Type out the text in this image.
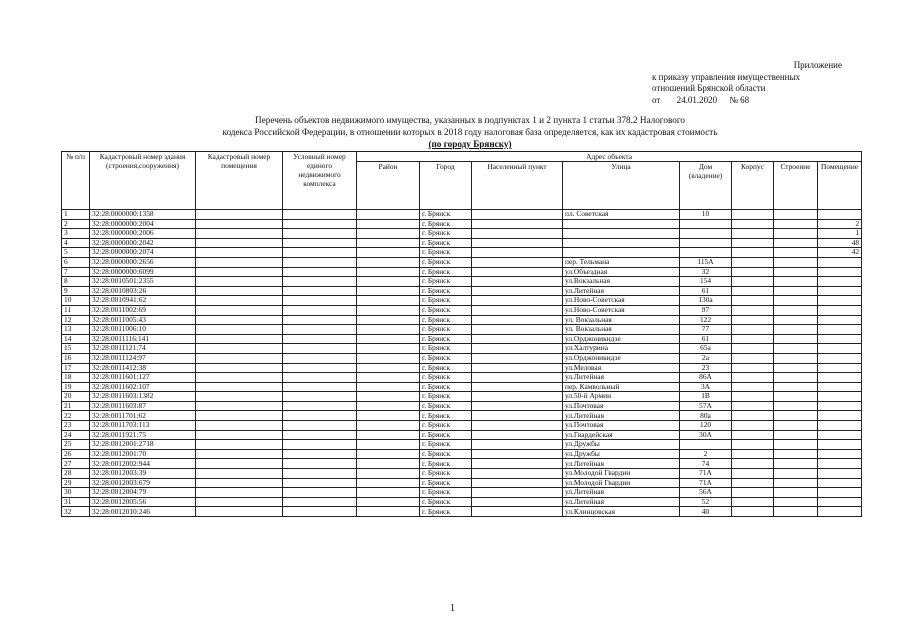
Приложение
к приказу управления имущественных
отношений Брянской области
от 24.01.2020 № 68
Перечень объектов недвижимого имущества, указанных в подпунктах 1 и 2 пункта 1 статьи 378.2 Налогового
кодекса Российской Федерации, в отношении которых в 2018 году налоговая база определяется, как их кадастровая стоимость
(по городу Брянску)
№ п/п	Кадастровый номер здания (строения,сооружения)	Кадастровый номер помещения	Условный номер единого недвижимого комплекса	Адрес объекта							
				Район	Город	Населенный пункт	Улица	Дом (владение)	Корпус	Строение	Помещение
1	32:28:0000000:1358				г. Брянск		пл. Советская	10			
2	32:28:0000000:2004				г. Брянск						2
3	32:28:0000000:2006				г. Брянск						1
4	32:28:0000000:2042				г. Брянск						48
5	32:28:0000000:2074				г. Брянск						42
6	32:28:0000000:2656				г. Брянск		пер. Тельмана	115А			
7	32:28:0000000:6099				г. Брянск		ул.Объездная	32			
8	32:28:0010501:2355				г. Брянск		ул.Вокзальная	154			
9	32:28:0010803:26				г. Брянск		ул.Литейная	61			
10	32:28:0010941:62				г. Брянск		ул.Ново-Советская	130а			
11	32:28:0011002:69				г. Брянск		ул.Ново-Советская	97			
12	32:28:0011005:43				г. Брянск		ул. Вокзальная	122			
13	32:28:0011006:10				г. Брянск		ул. Вокзальная	77			
14	32:28:0011116:141				г. Брянск		ул.Орджоникидзе	61			
15	32:28:0011121:74				г. Брянск		ул.Халтурина	65а			
16	32:28:0011124:97				г. Брянск		ул.Орджоникидзе	2а			
17	32:28:0011412:38				г. Брянск		ул.Меловая	23			
18	32:28:0011601:127				г. Брянск		ул.Литейная	86А			
19	32:28:0011602:107				г. Брянск		пер. Камвольный	3А			
20	32:28:0011603:1382				г. Брянск		ул.50-й Армии	1В			
21	32:28:0011603:87				г. Брянск		ул.Почтовая	57А			
22	32:28:0011701:62				г. Брянск		ул.Литейная	80а			
23	32:28:0011703:113				г. Брянск		ул.Почтовая	120			
24	32:28:0011921:75				г. Брянск		ул.Гвардейская	30А			
25	32:28:0012001:2718				г. Брянск		ул.Дружбы				
26	32:28:0012001:70				г. Брянск		ул.Дружбы	2			
27	32:28:0012002:944				г. Брянск		ул.Литейная	74			
28	32:28:0012003:39				г. Брянск		ул.Молодой Гвардии	71А			
29	32:28:0012003:679				г. Брянск		ул.Молодой Гвардии	71А			
30	32:28:0012004:79				г. Брянск		ул.Литейная	56А			
31	32:28:0012005:56				г. Брянск		ул.Литейная	52			
32	32:28:0012010:246				г. Брянск		ул.Клинцовская	40			
1
